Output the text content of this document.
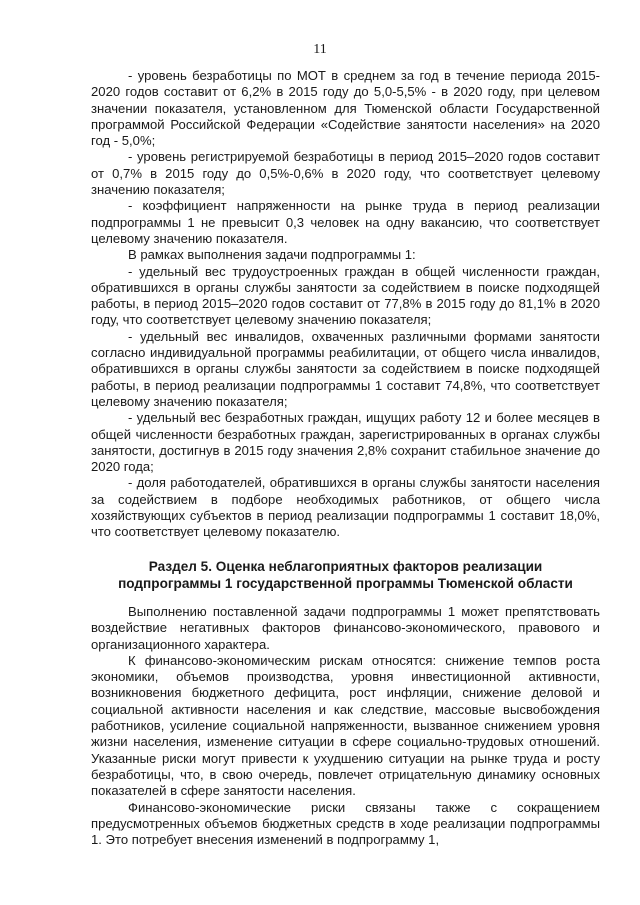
11

- уровень безработицы по МОТ в среднем за год в течение периода 2015-2020 годов составит от 6,2% в 2015 году до 5,0-5,5% - в 2020 году, при целевом значении показателя, установленном для Тюменской области Государственной программой Российской Федерации «Содействие занятости населения» на 2020 год - 5,0%;

- уровень регистрируемой безработицы в период 2015–2020 годов составит от 0,7% в 2015 году до 0,5%-0,6% в 2020 году, что соответствует целевому значению показателя;

- коэффициент напряженности на рынке труда в период реализации подпрограммы 1 не превысит 0,3 человек на одну вакансию, что соответствует целевому значению показателя.

В рамках выполнения задачи подпрограммы 1:

- удельный вес трудоустроенных граждан в общей численности граждан, обратившихся в органы службы занятости за содействием в поиске подходящей работы, в период 2015–2020 годов составит от 77,8% в 2015 году до 81,1% в 2020 году, что соответствует целевому значению показателя;

- удельный вес инвалидов, охваченных различными формами занятости согласно индивидуальной программы реабилитации, от общего числа инвалидов, обратившихся в органы службы занятости за содействием в поиске подходящей работы, в период реализации подпрограммы 1 составит 74,8%, что соответствует целевому значению показателя;

- удельный вес безработных граждан, ищущих работу 12 и более месяцев в общей численности безработных граждан, зарегистрированных в органах службы занятости, достигнув в 2015 году значения 2,8% сохранит стабильное значение до 2020 года;

- доля работодателей, обратившихся в органы службы занятости населения за содействием в подборе необходимых работников, от общего числа хозяйствующих субъектов в период реализации подпрограммы 1 составит 18,0%, что соответствует целевому показателю.

Раздел 5. Оценка неблагоприятных факторов реализации
подпрограммы 1 государственной программы Тюменской области

Выполнению поставленной задачи подпрограммы 1 может препятствовать воздействие негативных факторов финансово-экономического, правового и организационного характера.

К финансово-экономическим рискам относятся: снижение темпов роста экономики, объемов производства, уровня инвестиционной активности, возникновения бюджетного дефицита, рост инфляции, снижение деловой и социальной активности населения и как следствие, массовые высвобождения работников, усиление социальной напряженности, вызванное снижением уровня жизни населения, изменение ситуации в сфере социально-трудовых отношений. Указанные риски могут привести к ухудшению ситуации на рынке труда и росту безработицы, что, в свою очередь, повлечет отрицательную динамику основных показателей в сфере занятости населения.

Финансово-экономические риски связаны также с сокращением предусмотренных объемов бюджетных средств в ходе реализации подпрограммы 1. Это потребует внесения изменений в подпрограмму 1,
